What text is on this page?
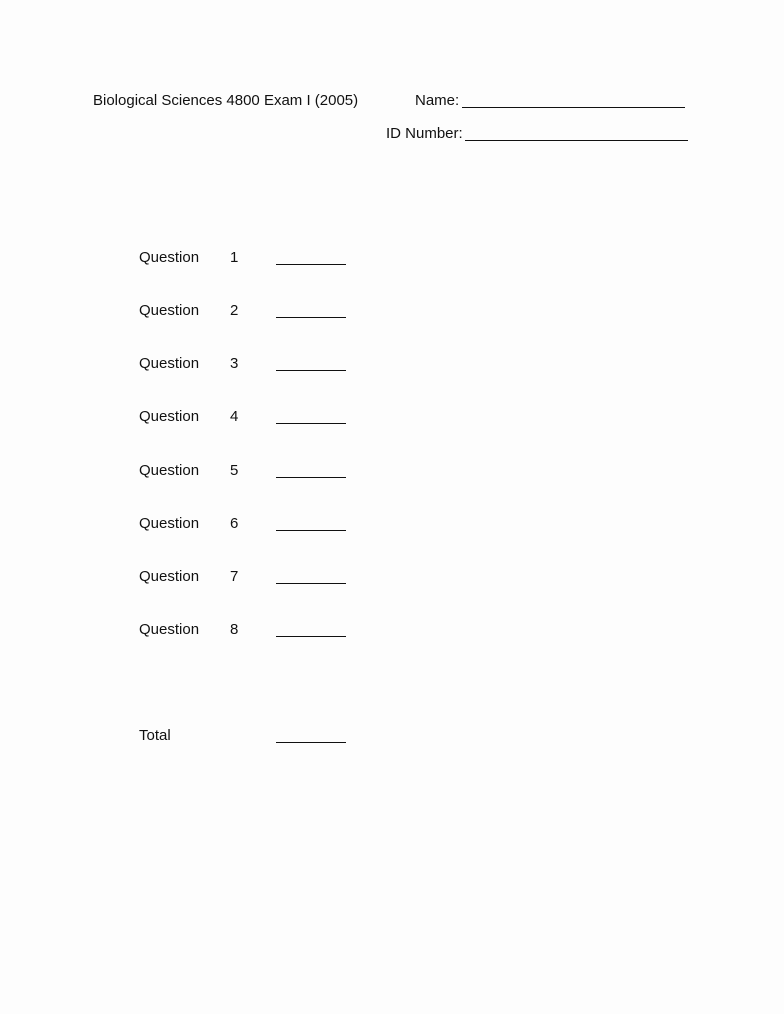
Biological Sciences 4800 Exam I (2005)	Name:
ID Number:
Question 1
Question 2
Question 3
Question 4
Question 5
Question 6
Question 7
Question 8
Total
